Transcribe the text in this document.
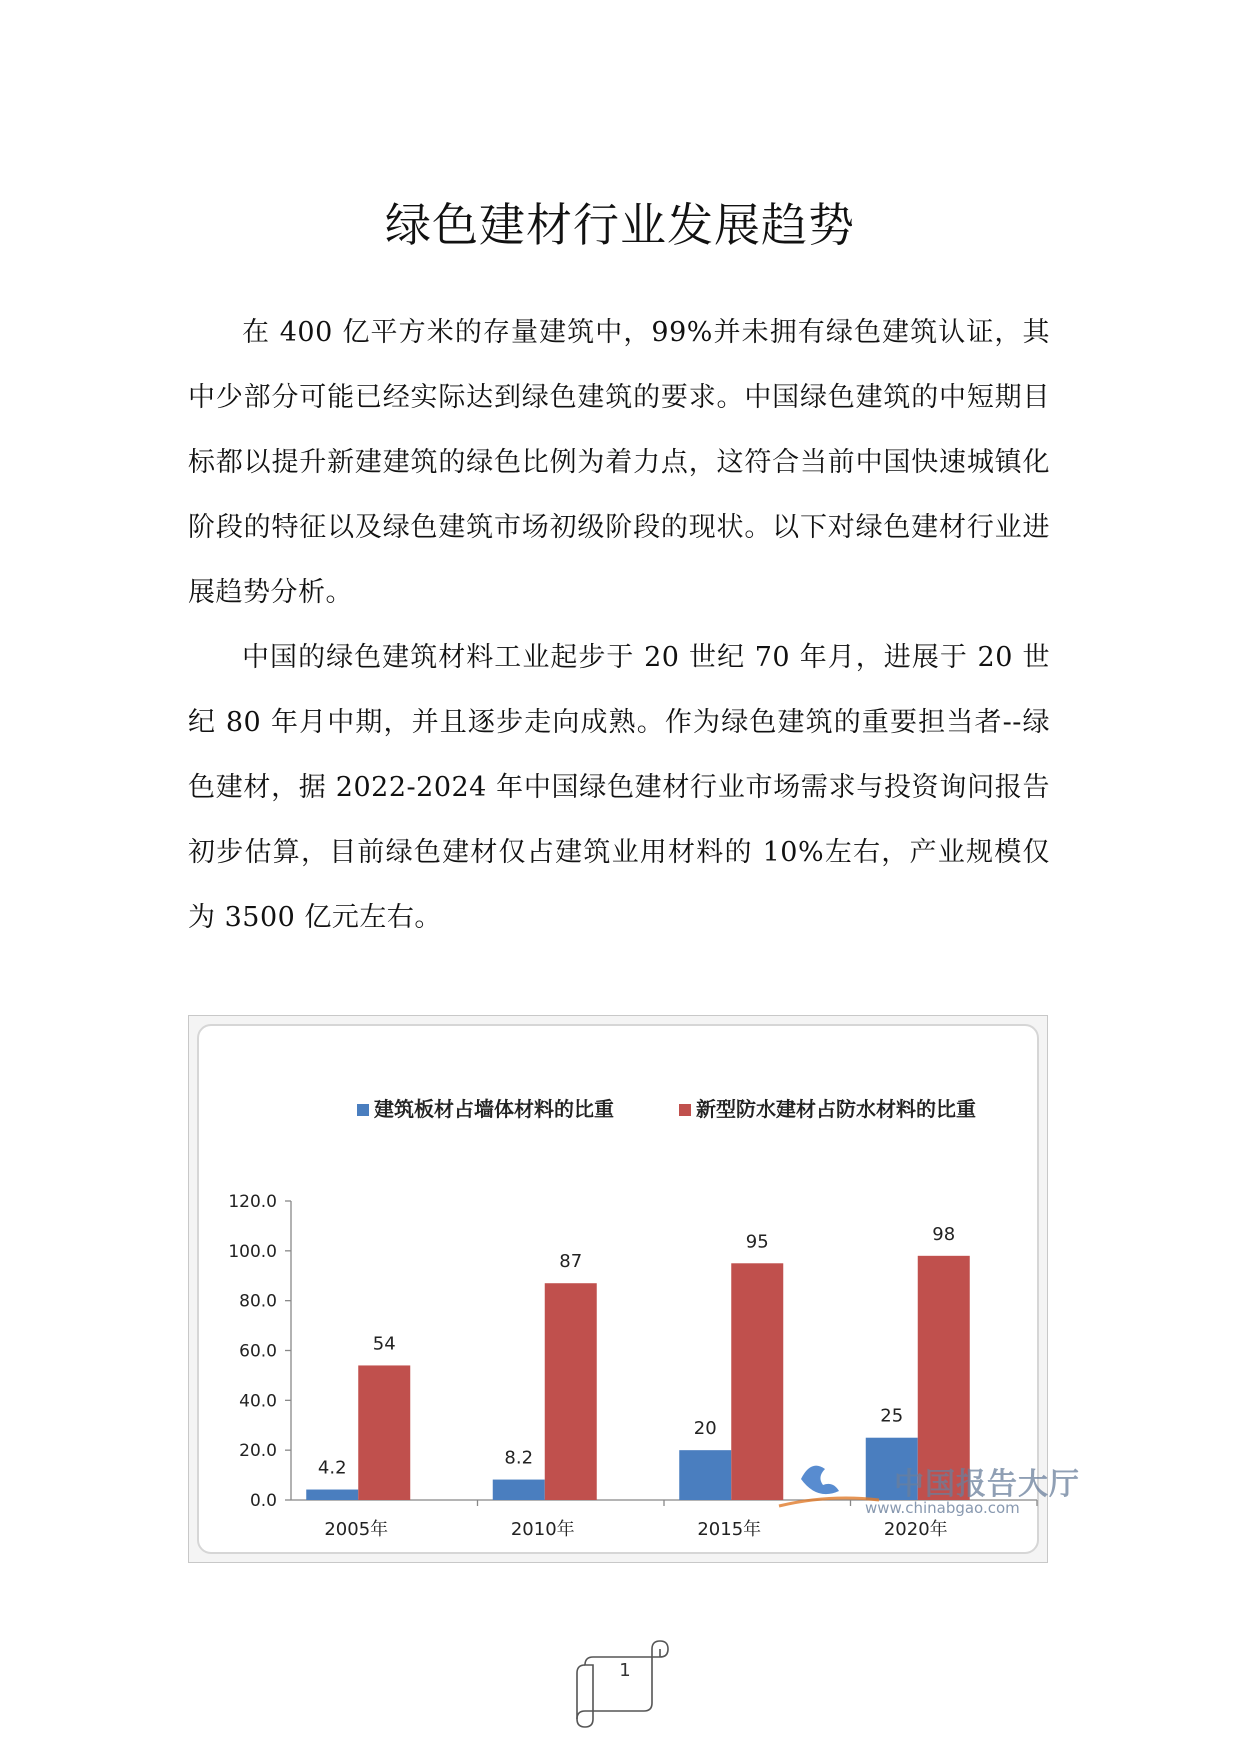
绿色建材行业发展趋势

在 400 亿平方米的存量建筑中，99%并未拥有绿色建筑认证，其中少部分可能已经实际达到绿色建筑的要求。中国绿色建筑的中短期目标都以提升新建建筑的绿色比例为着力点，这符合当前中国快速城镇化阶段的特征以及绿色建筑市场初级阶段的现状。以下对绿色建材行业进展趋势分析。

中国的绿色建筑材料工业起步于 20 世纪 70 年月，进展于 20 世纪 80 年月中期，并且逐步走向成熟。作为绿色建筑的重要担当者--绿色建材，据 2022-2024 年中国绿色建材行业市场需求与投资询问报告初步估算，目前绿色建材仅占建筑业用材料的 10%左右，产业规模仅为 3500 亿元左右。

0.0
20.0
40.0
60.0
80.0
100.0
120.0
2005年
4.2
54
2010年
8.2
87
2015年
20
95
2020年
25
98
建筑板材占墙体材料的比重	新型防水建材占防水材料的比重
中国报告大厅
www.chinabgao.com
1
